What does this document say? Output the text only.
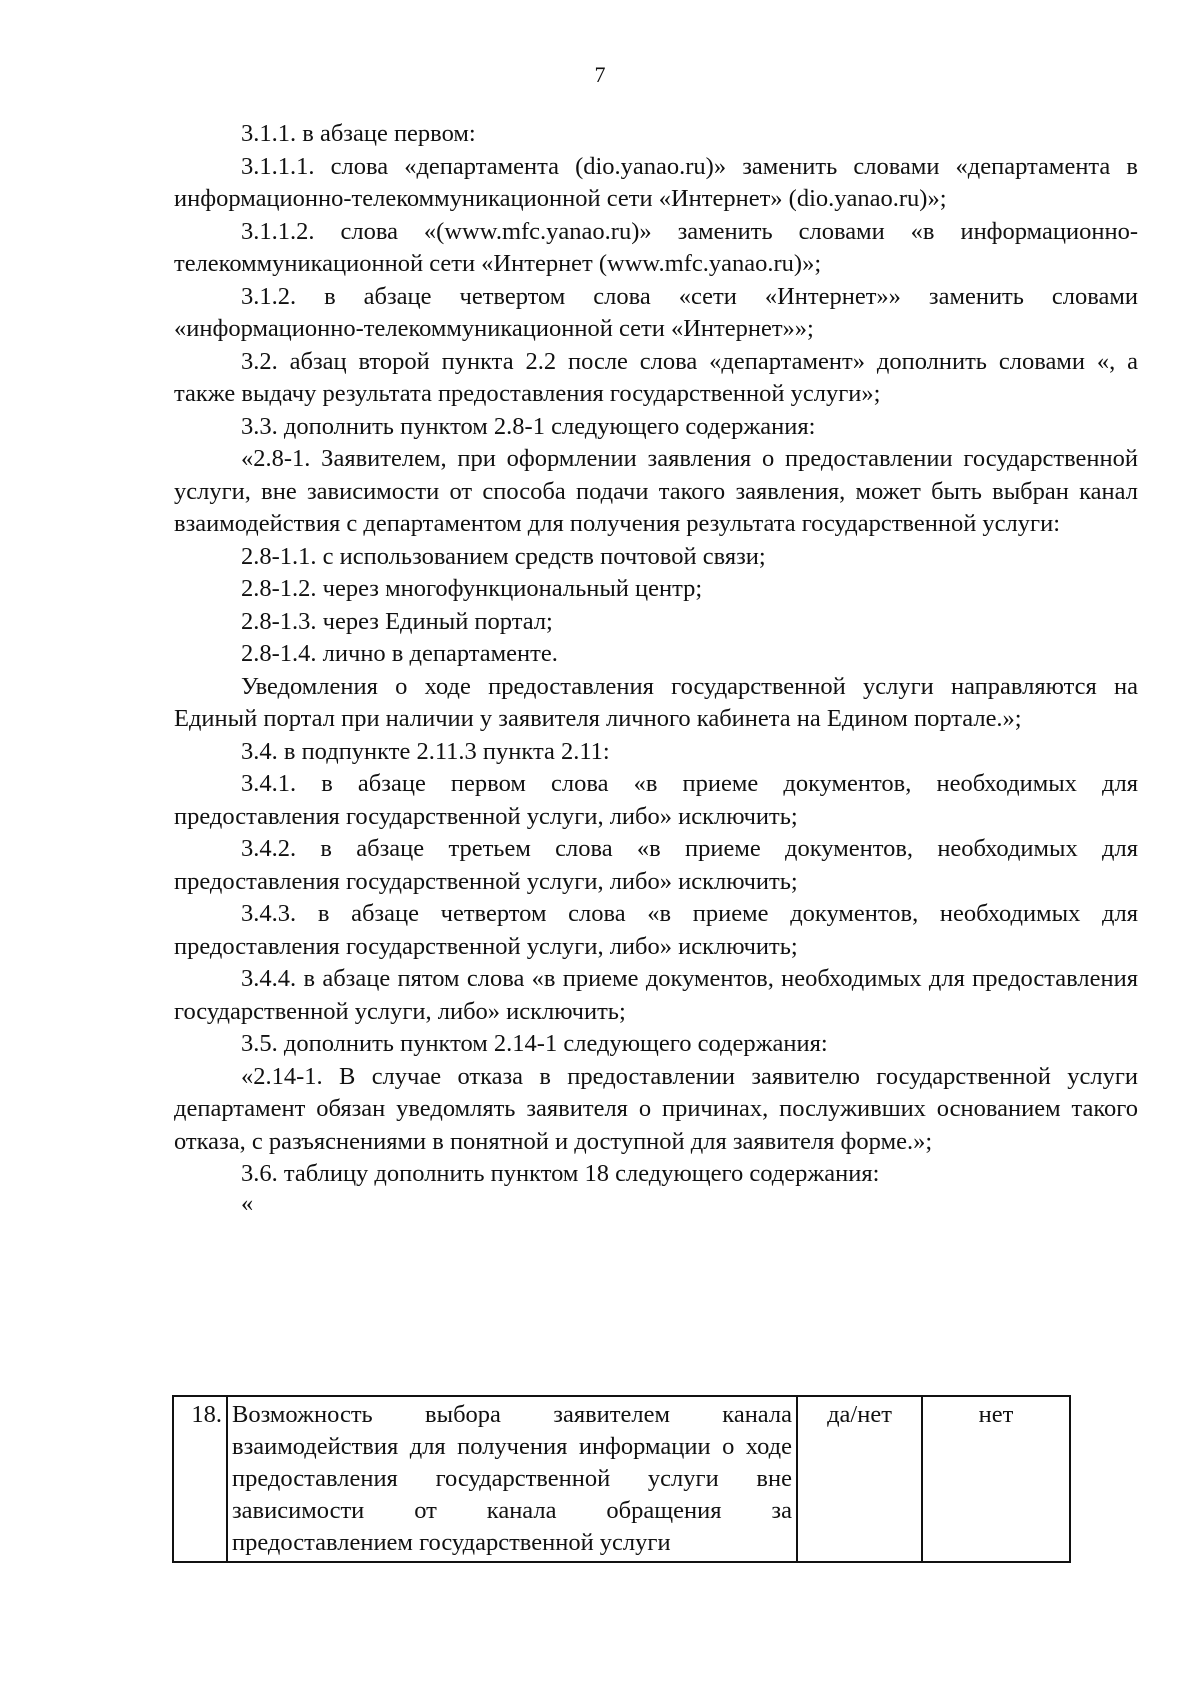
7

3.1.1. в абзаце первом:

3.1.1.1. слова «департамента (dio.yanao.ru)» заменить словами «департамента в информационно-телекоммуникационной сети «Интернет» (dio.yanao.ru)»;

3.1.1.2. слова «(www.mfc.yanao.ru)» заменить словами «в информационно-телекоммуникационной сети «Интернет (www.mfc.yanao.ru)»;

3.1.2. в абзаце четвертом слова «сети «Интернет»» заменить словами «информационно-телекоммуникационной сети «Интернет»»;

3.2. абзац второй пункта 2.2 после слова «департамент» дополнить словами «, а также выдачу результата предоставления государственной услуги»;

3.3. дополнить пунктом 2.8-1 следующего содержания:

«2.8-1. Заявителем, при оформлении заявления о предоставлении государственной услуги, вне зависимости от способа подачи такого заявления, может быть выбран канал взаимодействия с департаментом для получения результата государственной услуги:

2.8-1.1. с использованием средств почтовой связи;

2.8-1.2. через многофункциональный центр;

2.8-1.3. через Единый портал;

2.8-1.4. лично в департаменте.

Уведомления о ходе предоставления государственной услуги направляются на Единый портал при наличии у заявителя личного кабинета на Едином портале.»;

3.4. в подпункте 2.11.3 пункта 2.11:

3.4.1. в абзаце первом слова «в приеме документов, необходимых для предоставления государственной услуги, либо» исключить;

3.4.2. в абзаце третьем слова «в приеме документов, необходимых для предоставления государственной услуги, либо» исключить;

3.4.3. в абзаце четвертом слова «в приеме документов, необходимых для предоставления государственной услуги, либо» исключить;

3.4.4. в абзаце пятом слова «в приеме документов, необходимых для предоставления государственной услуги, либо» исключить;

3.5. дополнить пунктом 2.14-1 следующего содержания:

«2.14-1. В случае отказа в предоставлении заявителю государственной услуги департамент обязан уведомлять заявителя о причинах, послуживших основанием такого отказа, с разъяснениями в понятной и доступной для заявителя форме.»;

3.6. таблицу дополнить пунктом 18 следующего содержания:

«

18.	Возможность выбора заявителем канала взаимодействия для получения информации о ходе предоставления государственной услуги вне зависимости от канала обращения за предоставлением государственной услуги	да/нет	нет
